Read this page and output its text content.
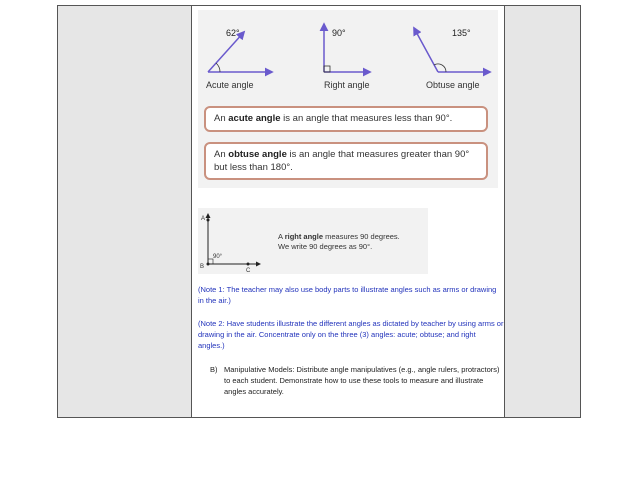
62°	90°	135°
Acute angle	Right angle	Obtuse angle
An acute angle is an angle that measures less than 90°.
An obtuse angle is an angle that measures greater than 90° but less than 180°.
A
B
C
90°
A right angle measures 90 degrees.
We write 90 degrees as 90°.
(Note 1: The teacher may also use body parts to illustrate angles such as arms or drawing in the air.)
(Note 2: Have students illustrate the different angles as dictated by teacher by using arms or drawing in the air. Concentrate only on the three (3) angles: acute; obtuse; and right angles.)
B) Manipulative Models: Distribute angle manipulatives (e.g., angle rulers, protractors) to each student. Demonstrate how to use these tools to measure and illustrate angles accurately.
